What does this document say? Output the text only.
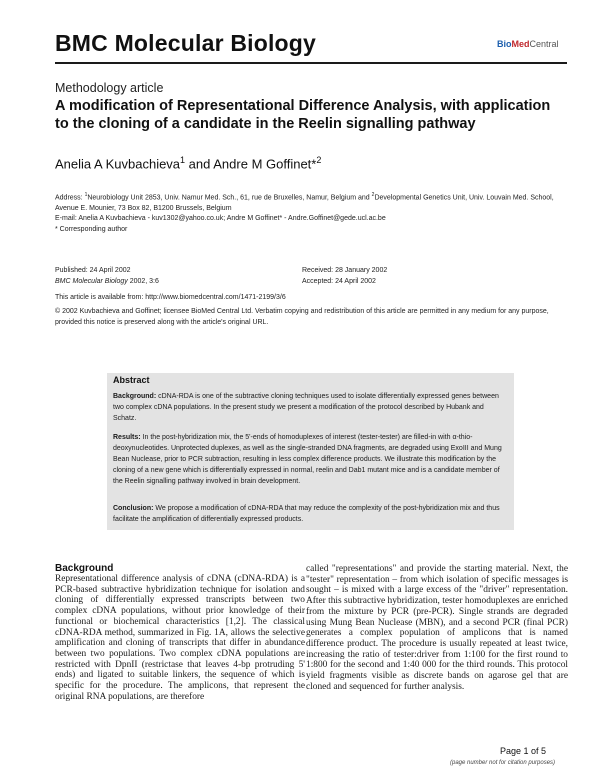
BMC Molecular Biology	BioMedCentral
Methodology article
A modification of Representational Difference Analysis, with application to the cloning of a candidate in the Reelin signalling pathway
Anelia A Kuvbachieva$^1$ and Andre M Goffinet*$^2$
Address: $^1$Neurobiology Unit 2853, Univ. Namur Med. Sch., 61, rue de Bruxelles, Namur, Belgium and $^2$Developmental Genetics Unit, Univ. Louvain Med. School, Avenue E. Mounier, 73 Box 82, B1200 Brussels, Belgium
E-mail: Anelia A Kuvbachieva - kuv1302@yahoo.co.uk; Andre M Goffinet* - Andre.Goffinet@gede.ucl.ac.be
* Corresponding author
Published: 24 April 2002
BMC Molecular Biology 2002, 3:6
Received: 28 January 2002
Accepted: 24 April 2002
This article is available from: http://www.biomedcentral.com/1471-2199/3/6
© 2002 Kuvbachieva and Goffinet; licensee BioMed Central Ltd. Verbatim copying and redistribution of this article are permitted in any medium for any purpose, provided this notice is preserved along with the article's original URL.
Abstract
Background: cDNA-RDA is one of the subtractive cloning techniques used to isolate differentially expressed genes between two complex cDNA populations. In the present study we present a modification of the protocol described by Hubank and Schatz.
Results: In the post-hybridization mix, the 5'-ends of homoduplexes of interest (tester-tester) are filled-in with α-thio-deoxynucleotides. Unprotected duplexes, as well as the single-stranded DNA fragments, are degraded using ExoIII and Mung Bean Nuclease, prior to PCR subtraction, resulting in less complex difference products. We illustrate this modification by the cloning of a new gene which is differentially expressed in normal, reelin and Dab1 mutant mice and is a candidate member of the Reelin signalling pathway involved in brain development.
Conclusion: We propose a modification of cDNA-RDA that may reduce the complexity of the post-hybridization mix and thus facilitate the amplification of differentially expressed products.
Background
Representational difference analysis of cDNA (cDNA-RDA) is a PCR-based subtractive hybridization technique for isolation and cloning of differentially expressed transcripts between two complex cDNA populations, without prior knowledge of their functional or biochemical characteristics [1,2]. The classical cDNA-RDA method, summarized in Fig. 1A, allows the selective amplification and cloning of transcripts that differ in abundance between two populations. Two complex cDNA populations are restricted with DpnII (restrictase that leaves 4-bp protruding 5' ends) and ligated to suitable linkers, the sequence of which is specific for the procedure. The amplicons, that represent the original RNA populations, are therefore
called "representations" and provide the starting material. Next, the "tester" representation – from which isolation of specific messages is sought – is mixed with a large excess of the "driver" representation. After this subtractive hybridization, tester homoduplexes are enriched from the mixture by PCR (pre-PCR). Single strands are degraded using Mung Bean Nuclease (MBN), and a second PCR (final PCR) generates a complex population of amplicons that is named difference product. The procedure is usually repeated at least twice, increasing the ratio of tester:driver from 1:100 for the first round to 1:800 for the second and 1:40 000 for the third rounds. This protocol yield fragments visible as discrete bands on agarose gel that are cloned and sequenced for further analysis.
Page 1 of 5
(page number not for citation purposes)
